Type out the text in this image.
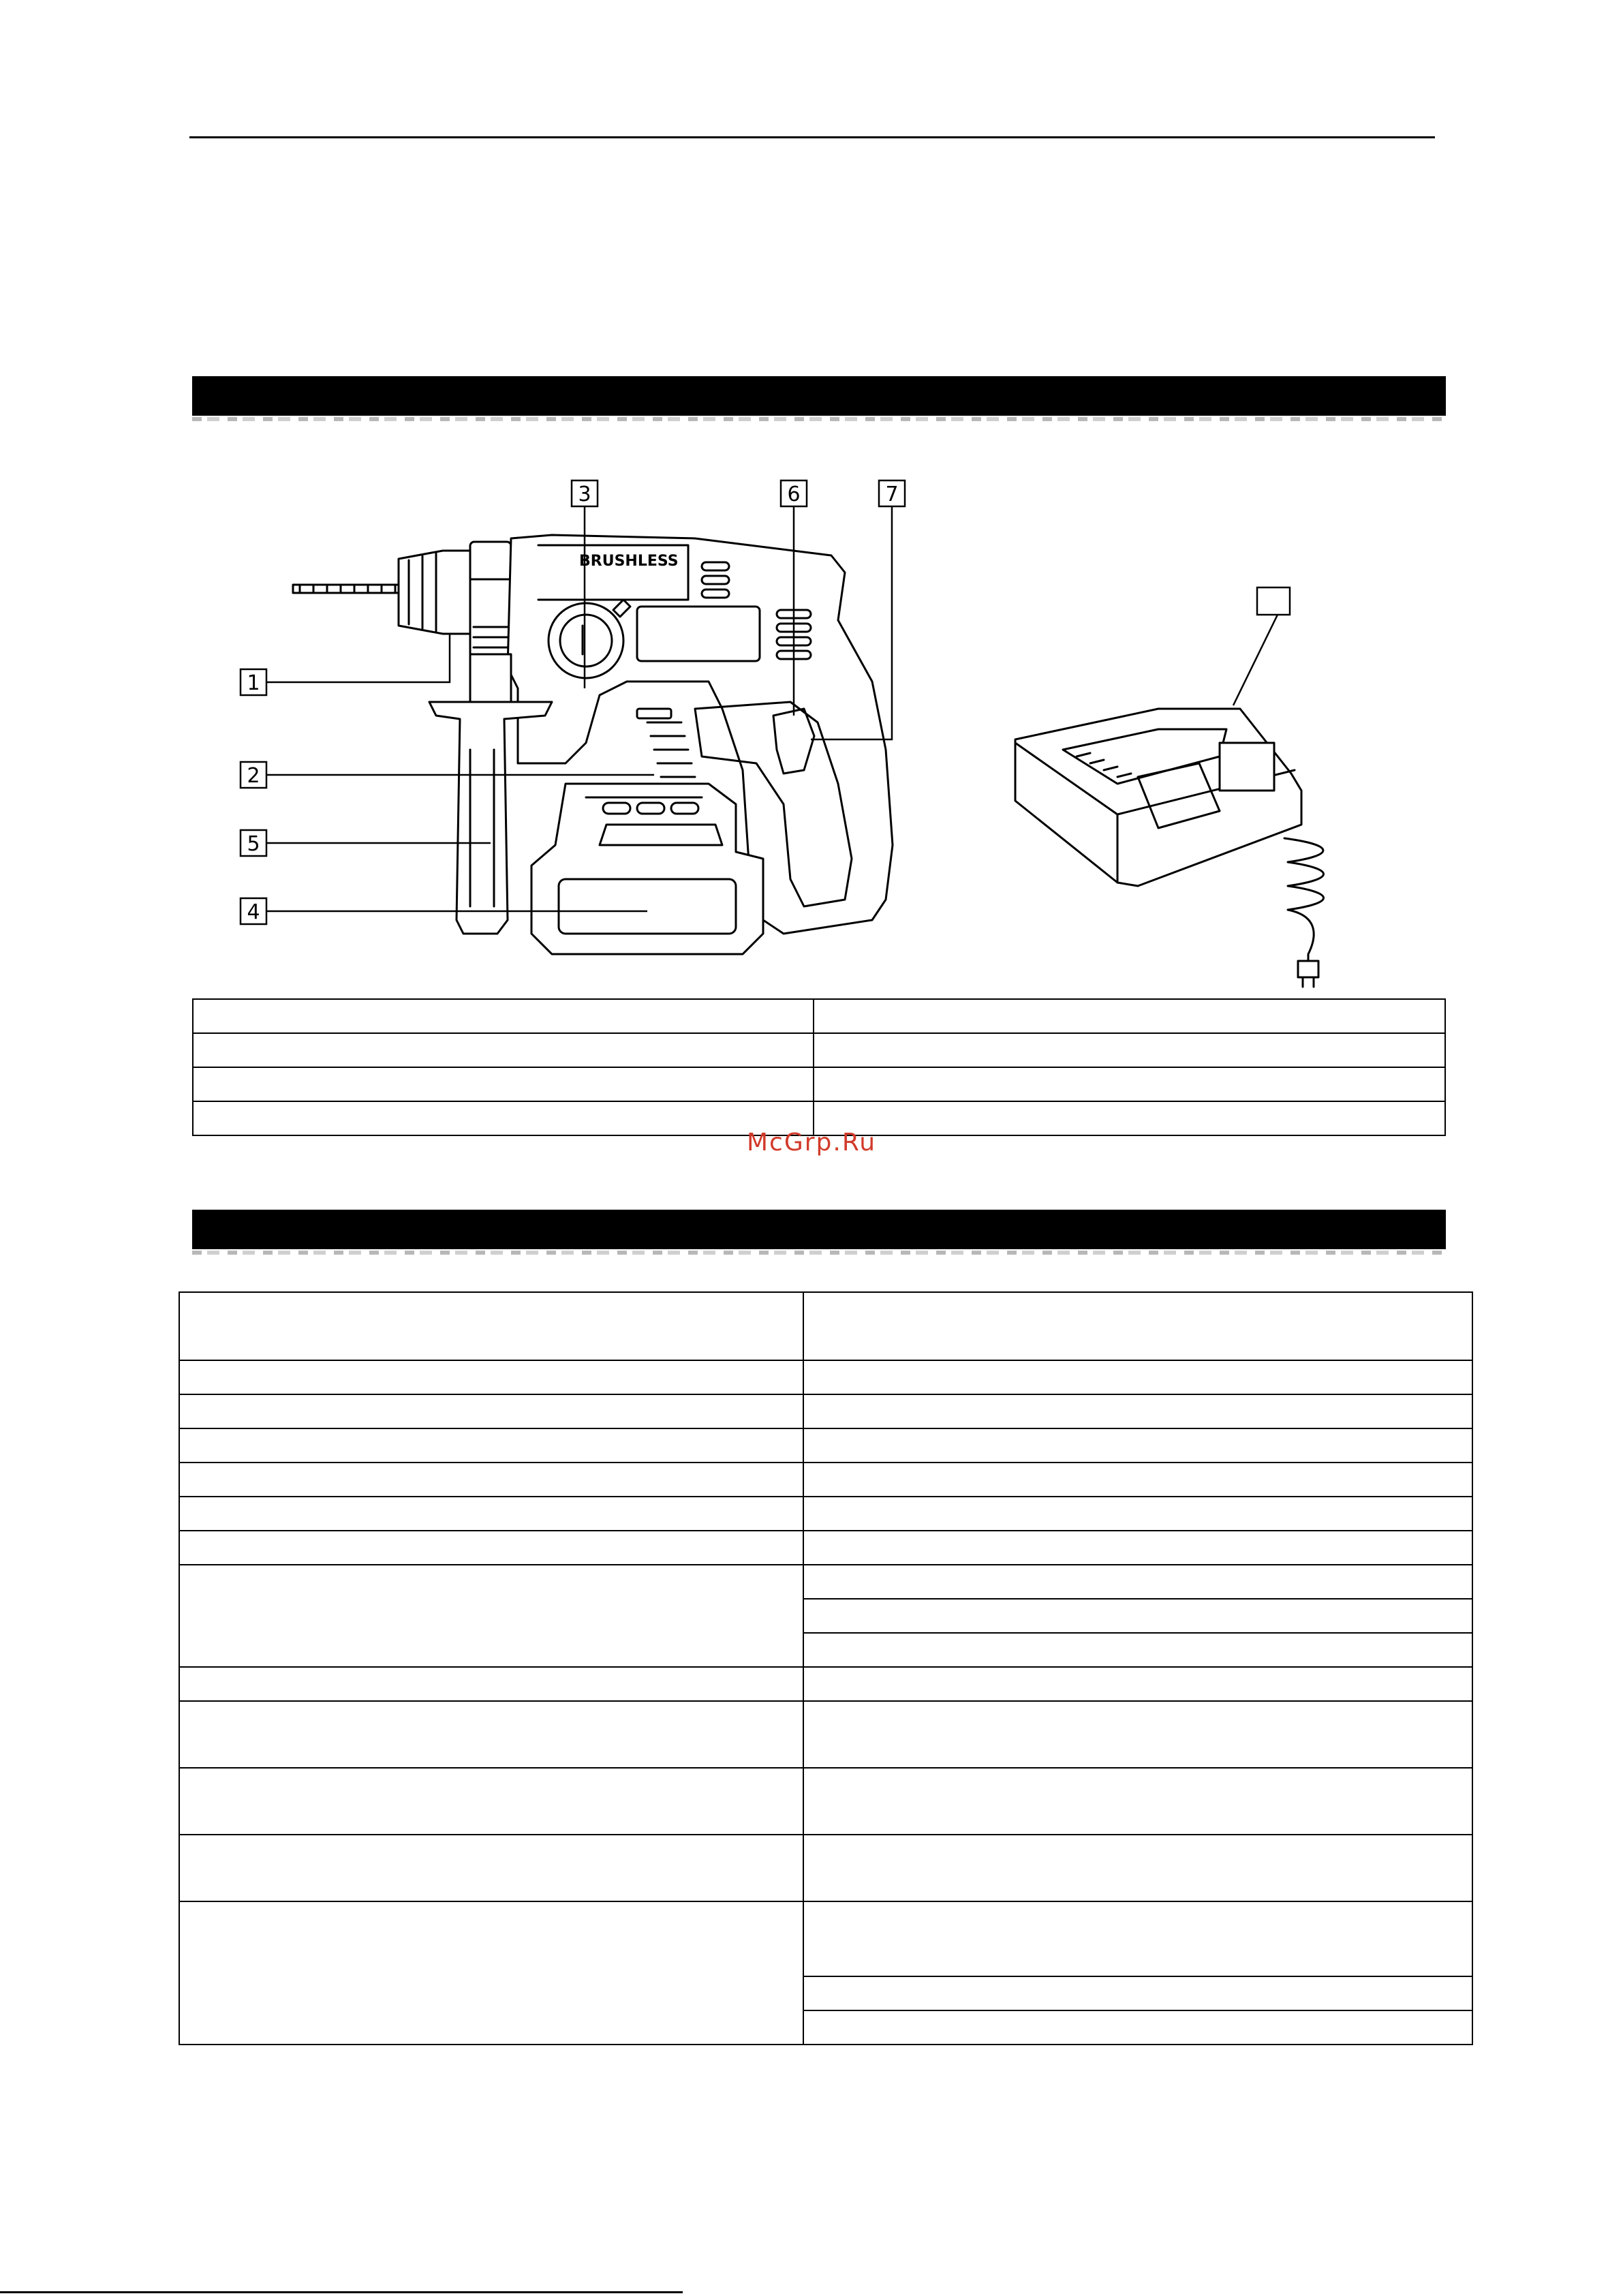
BRUSHLESS
3	6	7
1
2
5
4

McGrp.Ru
